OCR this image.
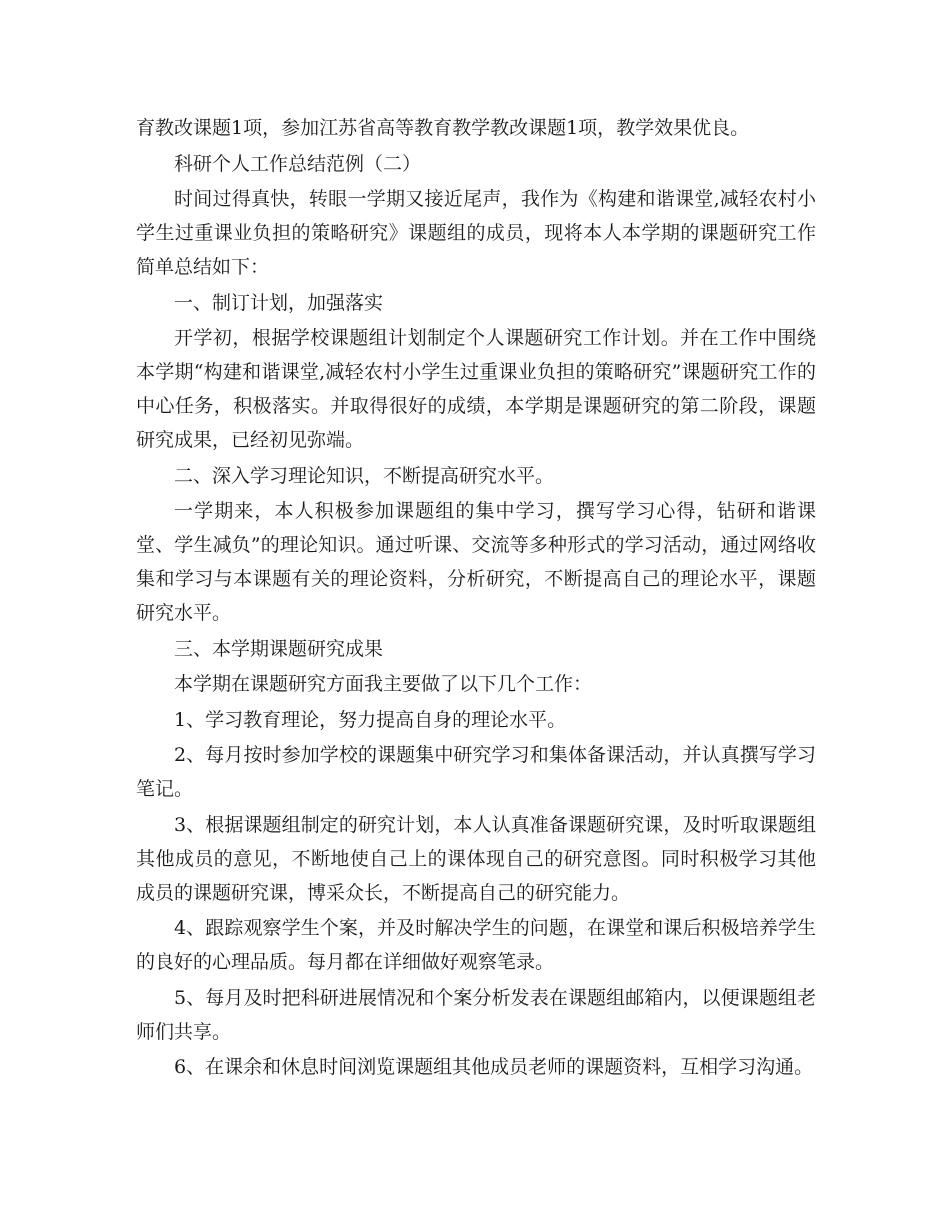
育教改课题1项，参加江苏省高等教育教学教改课题1项，教学效果优良。

科研个人工作总结范例（二）

时间过得真快，转眼一学期又接近尾声，我作为《构建和谐课堂,减轻农村小学生过重课业负担的策略研究》课题组的成员，现将本人本学期的课题研究工作简单总结如下：

一、制订计划，加强落实

开学初，根据学校课题组计划制定个人课题研究工作计划。并在工作中围绕本学期“构建和谐课堂,减轻农村小学生过重课业负担的策略研究”课题研究工作的中心任务，积极落实。并取得很好的成绩，本学期是课题研究的第二阶段，课题研究成果，已经初见弥端。

二、深入学习理论知识，不断提高研究水平。

一学期来，本人积极参加课题组的集中学习，撰写学习心得，钻研和谐课堂、学生减负”的理论知识。通过听课、交流等多种形式的学习活动，通过网络收集和学习与本课题有关的理论资料，分析研究，不断提高自己的理论水平，课题研究水平。

三、本学期课题研究成果

本学期在课题研究方面我主要做了以下几个工作：

1、学习教育理论，努力提高自身的理论水平。

2、每月按时参加学校的课题集中研究学习和集体备课活动，并认真撰写学习笔记。

3、根据课题组制定的研究计划，本人认真准备课题研究课，及时听取课题组其他成员的意见，不断地使自己上的课体现自己的研究意图。同时积极学习其他成员的课题研究课，博采众长，不断提高自己的研究能力。

4、跟踪观察学生个案，并及时解决学生的问题，在课堂和课后积极培养学生的良好的心理品质。每月都在详细做好观察笔录。

5、每月及时把科研进展情况和个案分析发表在课题组邮箱内，以便课题组老师们共享。

6、在课余和休息时间浏览课题组其他成员老师的课题资料，互相学习沟通。
